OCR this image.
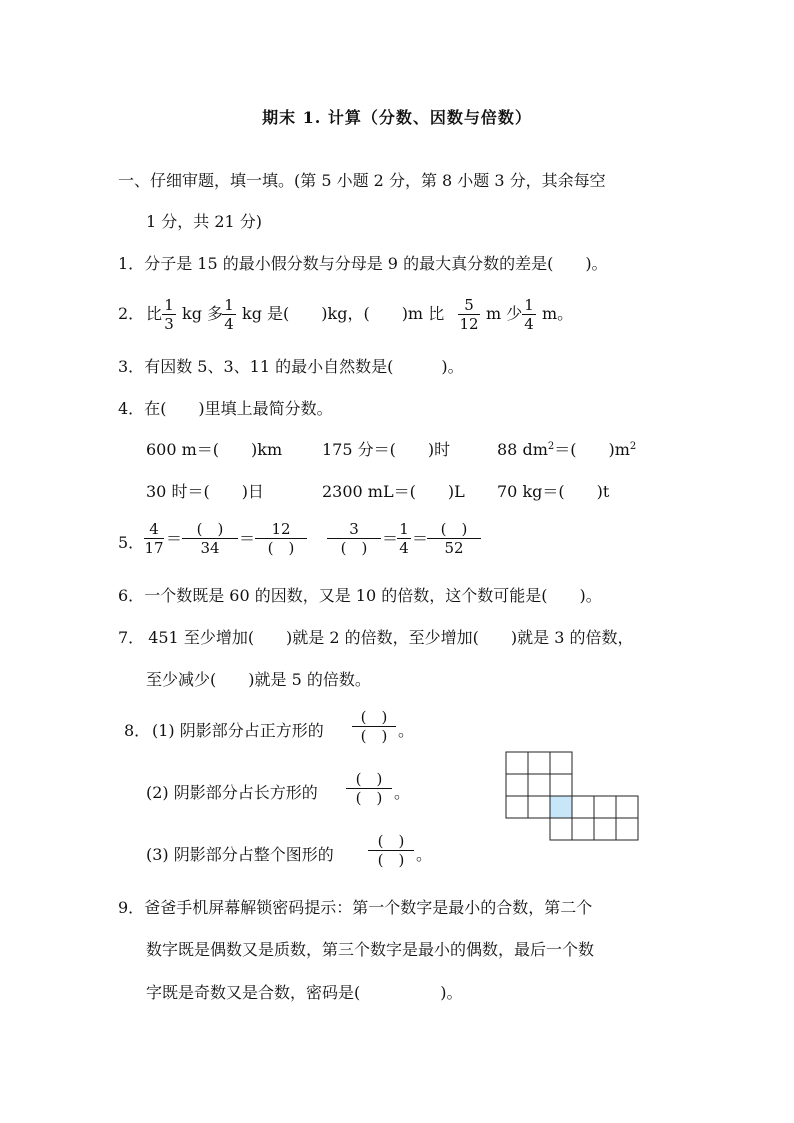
期末 1. 计算（分数、因数与倍数）
一、仔细审题，填一填。(第 5 小题 2 分，第 8 小题 3 分，其余每空
1 分，共 21 分)
1．分子是 15 的最小假分数与分母是 9 的最大真分数的差是(　　)。
2． 比 $\frac{1}{3}$ kg 多
$\frac{1}{4}$ kg 是(　　)kg，(　　)m 比 $\frac{5}{12}$ m 少 $\frac{1}{4}$ m。
3．有因数 5、3、11 的最小自然数是(　　　)。
4．在(　　)里填上最简分数。
600 m＝(　　)km 175 分＝(　　)时	88 $dm^2=$(　　)$m^2$
30 时＝(　　)日	2300 mL＝(　　)L 70 kg＝(　　)t
5． $\frac{4}{17}$ ＝ (　)
34	＝	12
(　)
3
(　) ＝
$\frac{1}{4}$ ＝ (　)
52
6．一个数既是 60 的因数，又是 10 的倍数，这个数可能是(　　)。
7． 451 至少增加(　　)就是 2 的倍数，至少增加(　　)就是 3 的倍数，
至少减少(　　)就是 5 的倍数。
8． (1) 阴影部分占正方形的
(　)
(　) 。
(2) 阴影部分占长方形的
(　)
(　) 。
(3) 阴影部分占整个图形的
(　)
(　) 。
9．爸爸手机屏幕解锁密码提示：第一个数字是最小的合数，第二个
数字既是偶数又是质数，第三个数字是最小的偶数，最后一个数
字既是奇数又是合数，密码是(　　　　　)。
